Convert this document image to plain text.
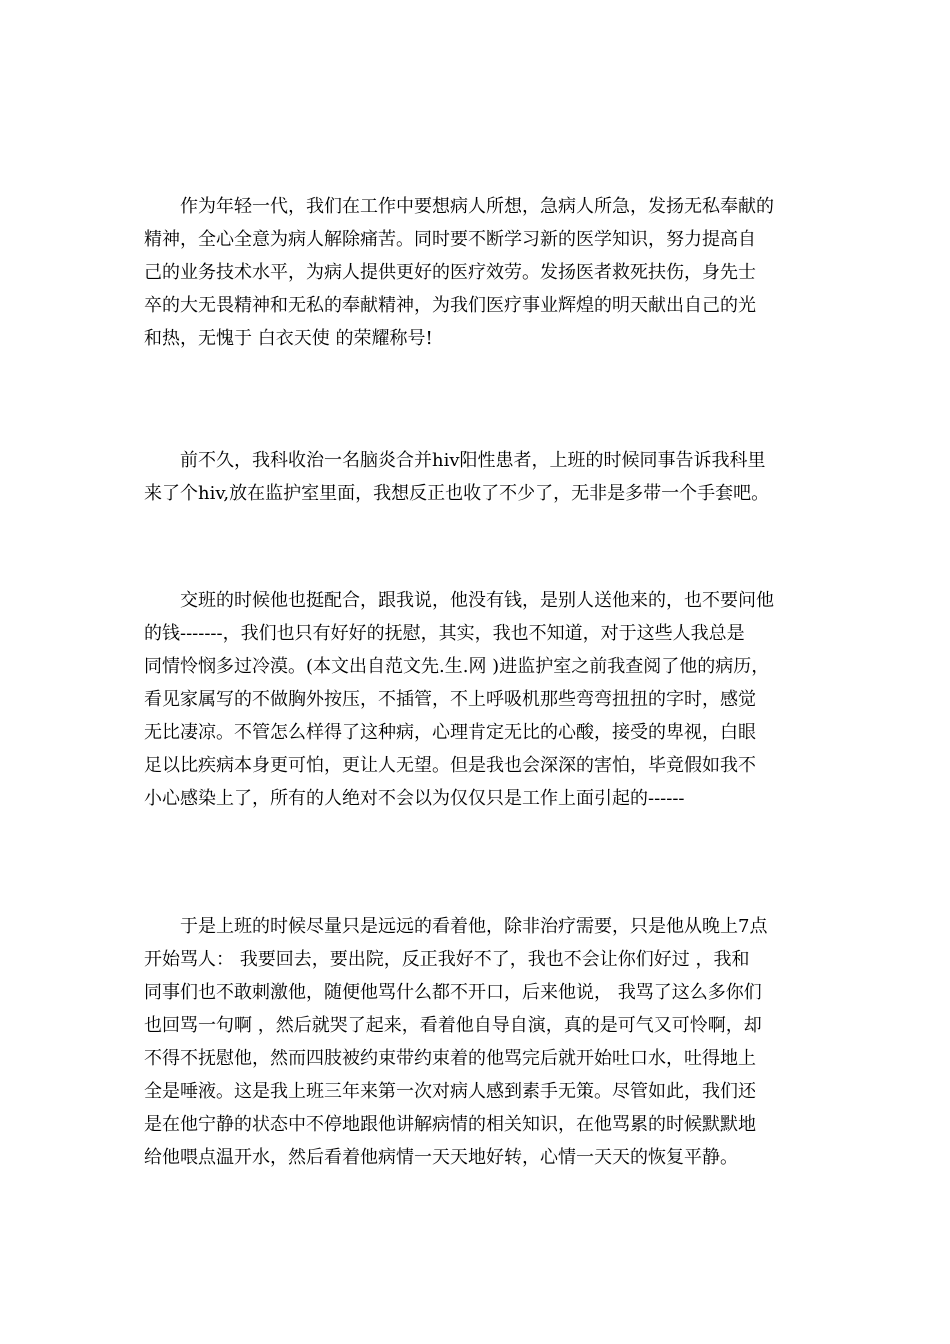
　　作为年轻一代，我们在工作中要想病人所想，急病人所急，发扬无私奉献的
精神，全心全意为病人解除痛苦。同时要不断学习新的医学知识，努力提高自
己的业务技术水平，为病人提供更好的医疗效劳。发扬医者救死扶伤，身先士
卒的大无畏精神和无私的奉献精神，为我们医疗事业辉煌的明天献出自己的光
和热，无愧于 白衣天使 的荣耀称号!
　　前不久，我科收治一名脑炎合并hiv阳性患者，上班的时候同事告诉我科里
来了个hiv,放在监护室里面，我想反正也收了不少了，无非是多带一个手套吧。
　　交班的时候他也挺配合，跟我说，他没有钱，是别人送他来的，也不要问他
的钱-------，我们也只有好好的抚慰，其实，我也不知道，对于这些人我总是
同情怜悯多过冷漠。(本文出自范文先.生.网 )进监护室之前我查阅了他的病历，
看见家属写的不做胸外按压，不插管，不上呼吸机那些弯弯扭扭的字时，感觉
无比凄凉。不管怎么样得了这种病，心理肯定无比的心酸，接受的卑视，白眼
足以比疾病本身更可怕，更让人无望。但是我也会深深的害怕，毕竟假如我不
小心感染上了，所有的人绝对不会以为仅仅只是工作上面引起的------
　　于是上班的时候尽量只是远远的看着他，除非治疗需要，只是他从晚上7点
开始骂人： 我要回去，要出院，反正我好不了，我也不会让你们好过 ，我和
同事们也不敢刺激他，随便他骂什么都不开口，后来他说， 我骂了这么多你们
也回骂一句啊 ，然后就哭了起来，看着他自导自演，真的是可气又可怜啊，却
不得不抚慰他，然而四肢被约束带约束着的他骂完后就开始吐口水，吐得地上
全是唾液。这是我上班三年来第一次对病人感到素手无策。尽管如此，我们还
是在他宁静的状态中不停地跟他讲解病情的相关知识，在他骂累的时候默默地
给他喂点温开水，然后看着他病情一天天地好转，心情一天天的恢复平静。
